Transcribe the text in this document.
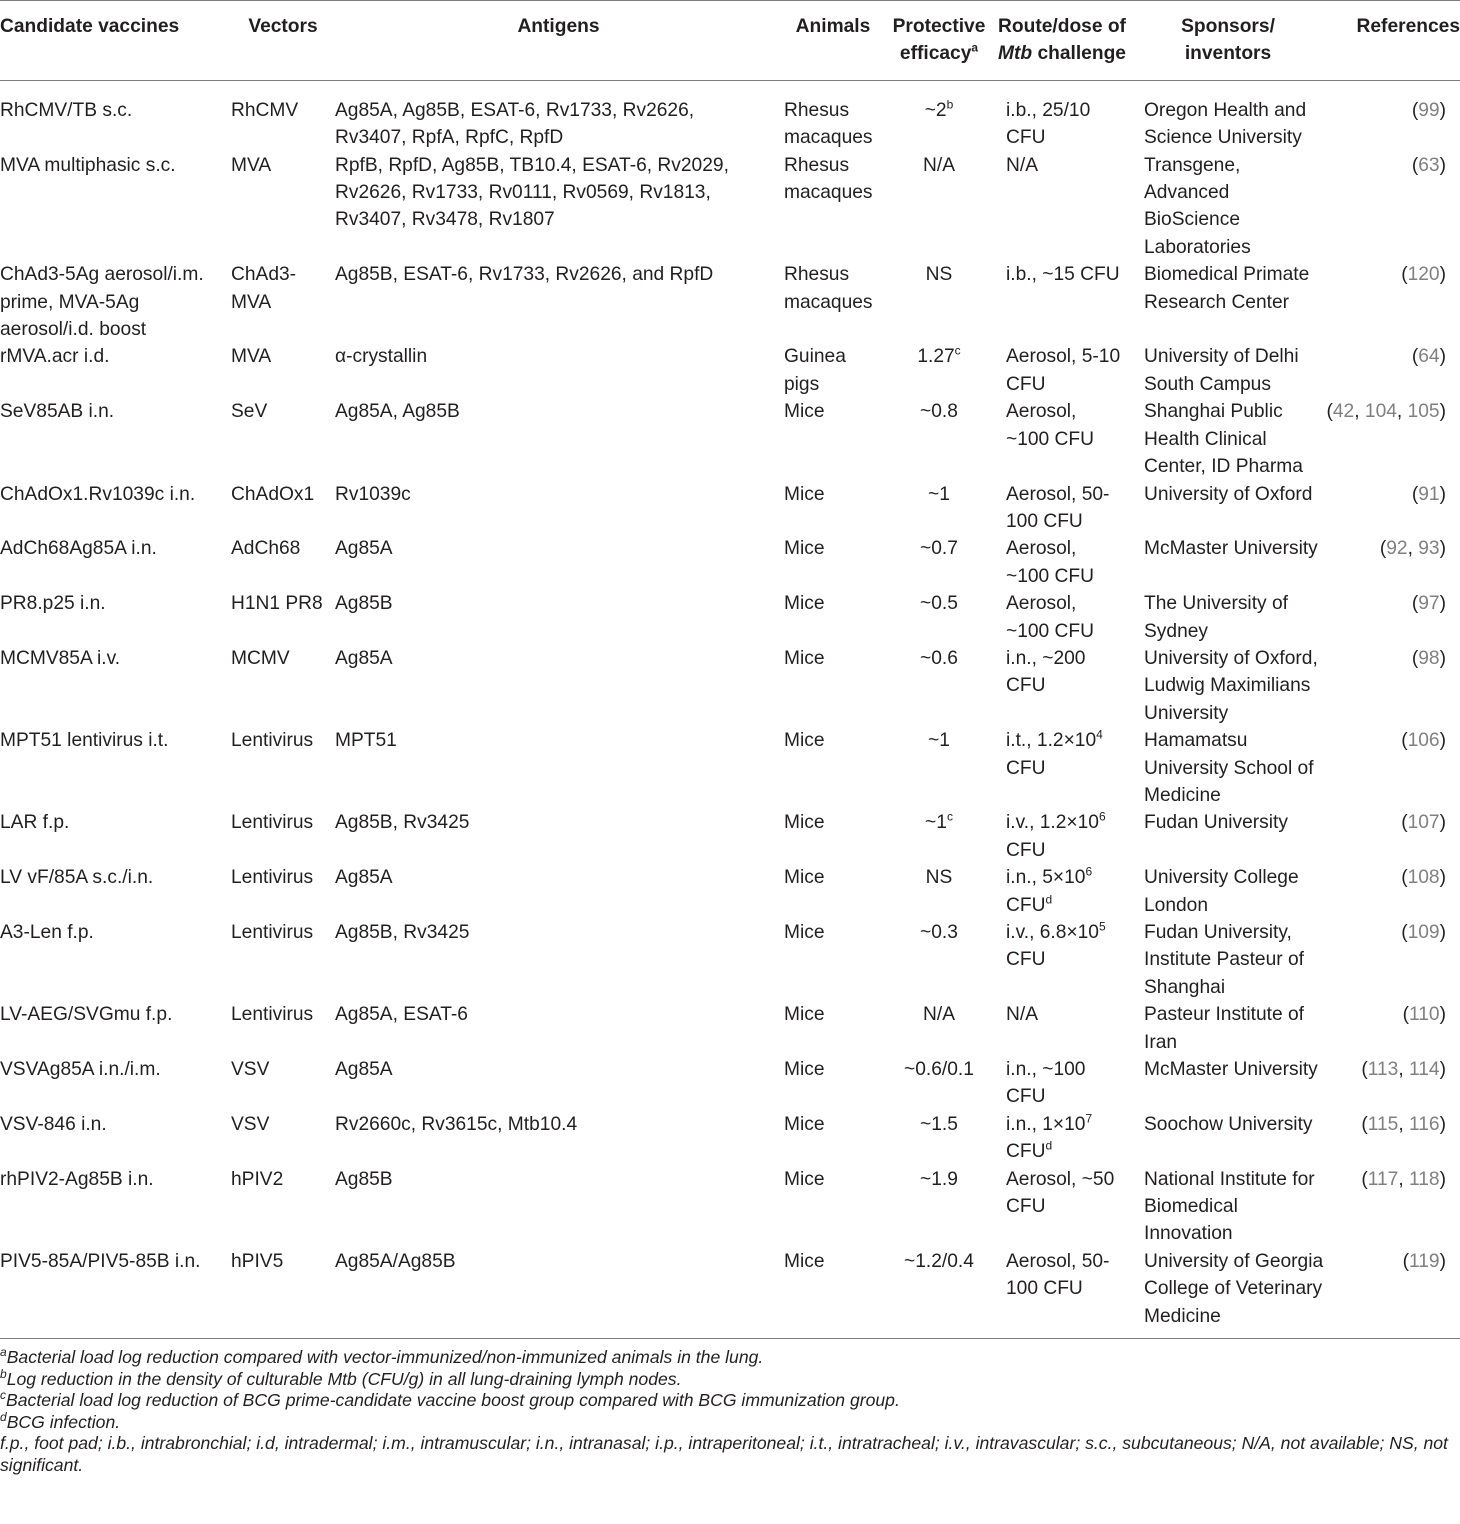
Candidate vaccines	Vectors	Antigens	Animals	Protective efficacy$^a$	Route/dose of Mtb challenge	Sponsors/ inventors	References
RhCMV/TB s.c.	RhCMV	Ag85A, Ag85B, ESAT-6, Rv1733, Rv2626, Rv3407, RpfA, RpfC, RpfD	Rhesus macaques	~2$^b$	i.b., 25/10 CFU	Oregon Health and Science University	(99)
MVA multiphasic s.c.	MVA	RpfB, RpfD, Ag85B, TB10.4, ESAT-6, Rv2029, Rv2626, Rv1733, Rv0111, Rv0569, Rv1813, Rv3407, Rv3478, Rv1807	Rhesus macaques	N/A	N/A	Transgene, Advanced BioScience Laboratories	(63)
ChAd3-5Ag aerosol/i.m. prime, MVA-5Ag aerosol/i.d. boost	ChAd3-MVA	Ag85B, ESAT-6, Rv1733, Rv2626, and RpfD	Rhesus macaques	NS	i.b., ~15 CFU	Biomedical Primate Research Center	(120)
rMVA.acr i.d.	MVA	α-crystallin	Guinea pigs	1.27$^c$	Aerosol, 5-10 CFU	University of Delhi South Campus	(64)
SeV85AB i.n.	SeV	Ag85A, Ag85B	Mice	~0.8	Aerosol, ~100 CFU	Shanghai Public Health Clinical Center, ID Pharma	(42, 104, 105)
ChAdOx1.Rv1039c i.n.	ChAdOx1	Rv1039c	Mice	~1	Aerosol, 50-100 CFU	University of Oxford	(91)
AdCh68Ag85A i.n.	AdCh68	Ag85A	Mice	~0.7	Aerosol, ~100 CFU	McMaster University	(92, 93)
PR8.p25 i.n.	H1N1 PR8	Ag85B	Mice	~0.5	Aerosol, ~100 CFU	The University of Sydney	(97)
MCMV85A i.v.	MCMV	Ag85A	Mice	~0.6	i.n., ~200 CFU	University of Oxford, Ludwig Maximilians University	(98)
MPT51 lentivirus i.t.	Lentivirus	MPT51	Mice	~1	i.t., $1.2\times 10^4$ CFU	Hamamatsu University School of Medicine	(106)
LAR f.p.	Lentivirus	Ag85B, Rv3425	Mice	~1$^c$	i.v., $1.2\times 10^6$ CFU	Fudan University	(107)
LV vF/85A s.c./i.n.	Lentivirus	Ag85A	Mice	NS	i.n., $5\times 10^6$ CFU$^d$	University College London	(108)
A3-Len f.p.	Lentivirus	Ag85B, Rv3425	Mice	~0.3	i.v., $6.8\times 10^5$ CFU	Fudan University, Institute Pasteur of Shanghai	(109)
LV-AEG/SVGmu f.p.	Lentivirus	Ag85A, ESAT-6	Mice	N/A	N/A	Pasteur Institute of Iran	(110)
VSVAg85A i.n./i.m.	VSV	Ag85A	Mice	~0.6/0.1	i.n., ~100 CFU	McMaster University	(113, 114)
VSV-846 i.n.	VSV	Rv2660c, Rv3615c, Mtb10.4	Mice	~1.5	i.n., $1\times 10^7$ CFU$^d$	Soochow University	(115, 116)
rhPIV2-Ag85B i.n.	hPIV2	Ag85B	Mice	~1.9	Aerosol, ~50 CFU	National Institute for Biomedical Innovation	(117, 118)
PIV5-85A/PIV5-85B i.n.	hPIV5	Ag85A/Ag85B	Mice	~1.2/0.4	Aerosol, 50-100 CFU	University of Georgia College of Veterinary Medicine	(119)
$^a$Bacterial load log reduction compared with vector-immunized/non-immunized animals in the lung.
$^b$Log reduction in the density of culturable Mtb (CFU/g) in all lung-draining lymph nodes.
$^c$Bacterial load log reduction of BCG prime-candidate vaccine boost group compared with BCG immunization group.
$^d$BCG infection.
f.p., foot pad; i.b., intrabronchial; i.d, intradermal; i.m., intramuscular; i.n., intranasal; i.p., intraperitoneal; i.t., intratracheal; i.v., intravascular; s.c., subcutaneous; N/A, not available; NS, not significant.
